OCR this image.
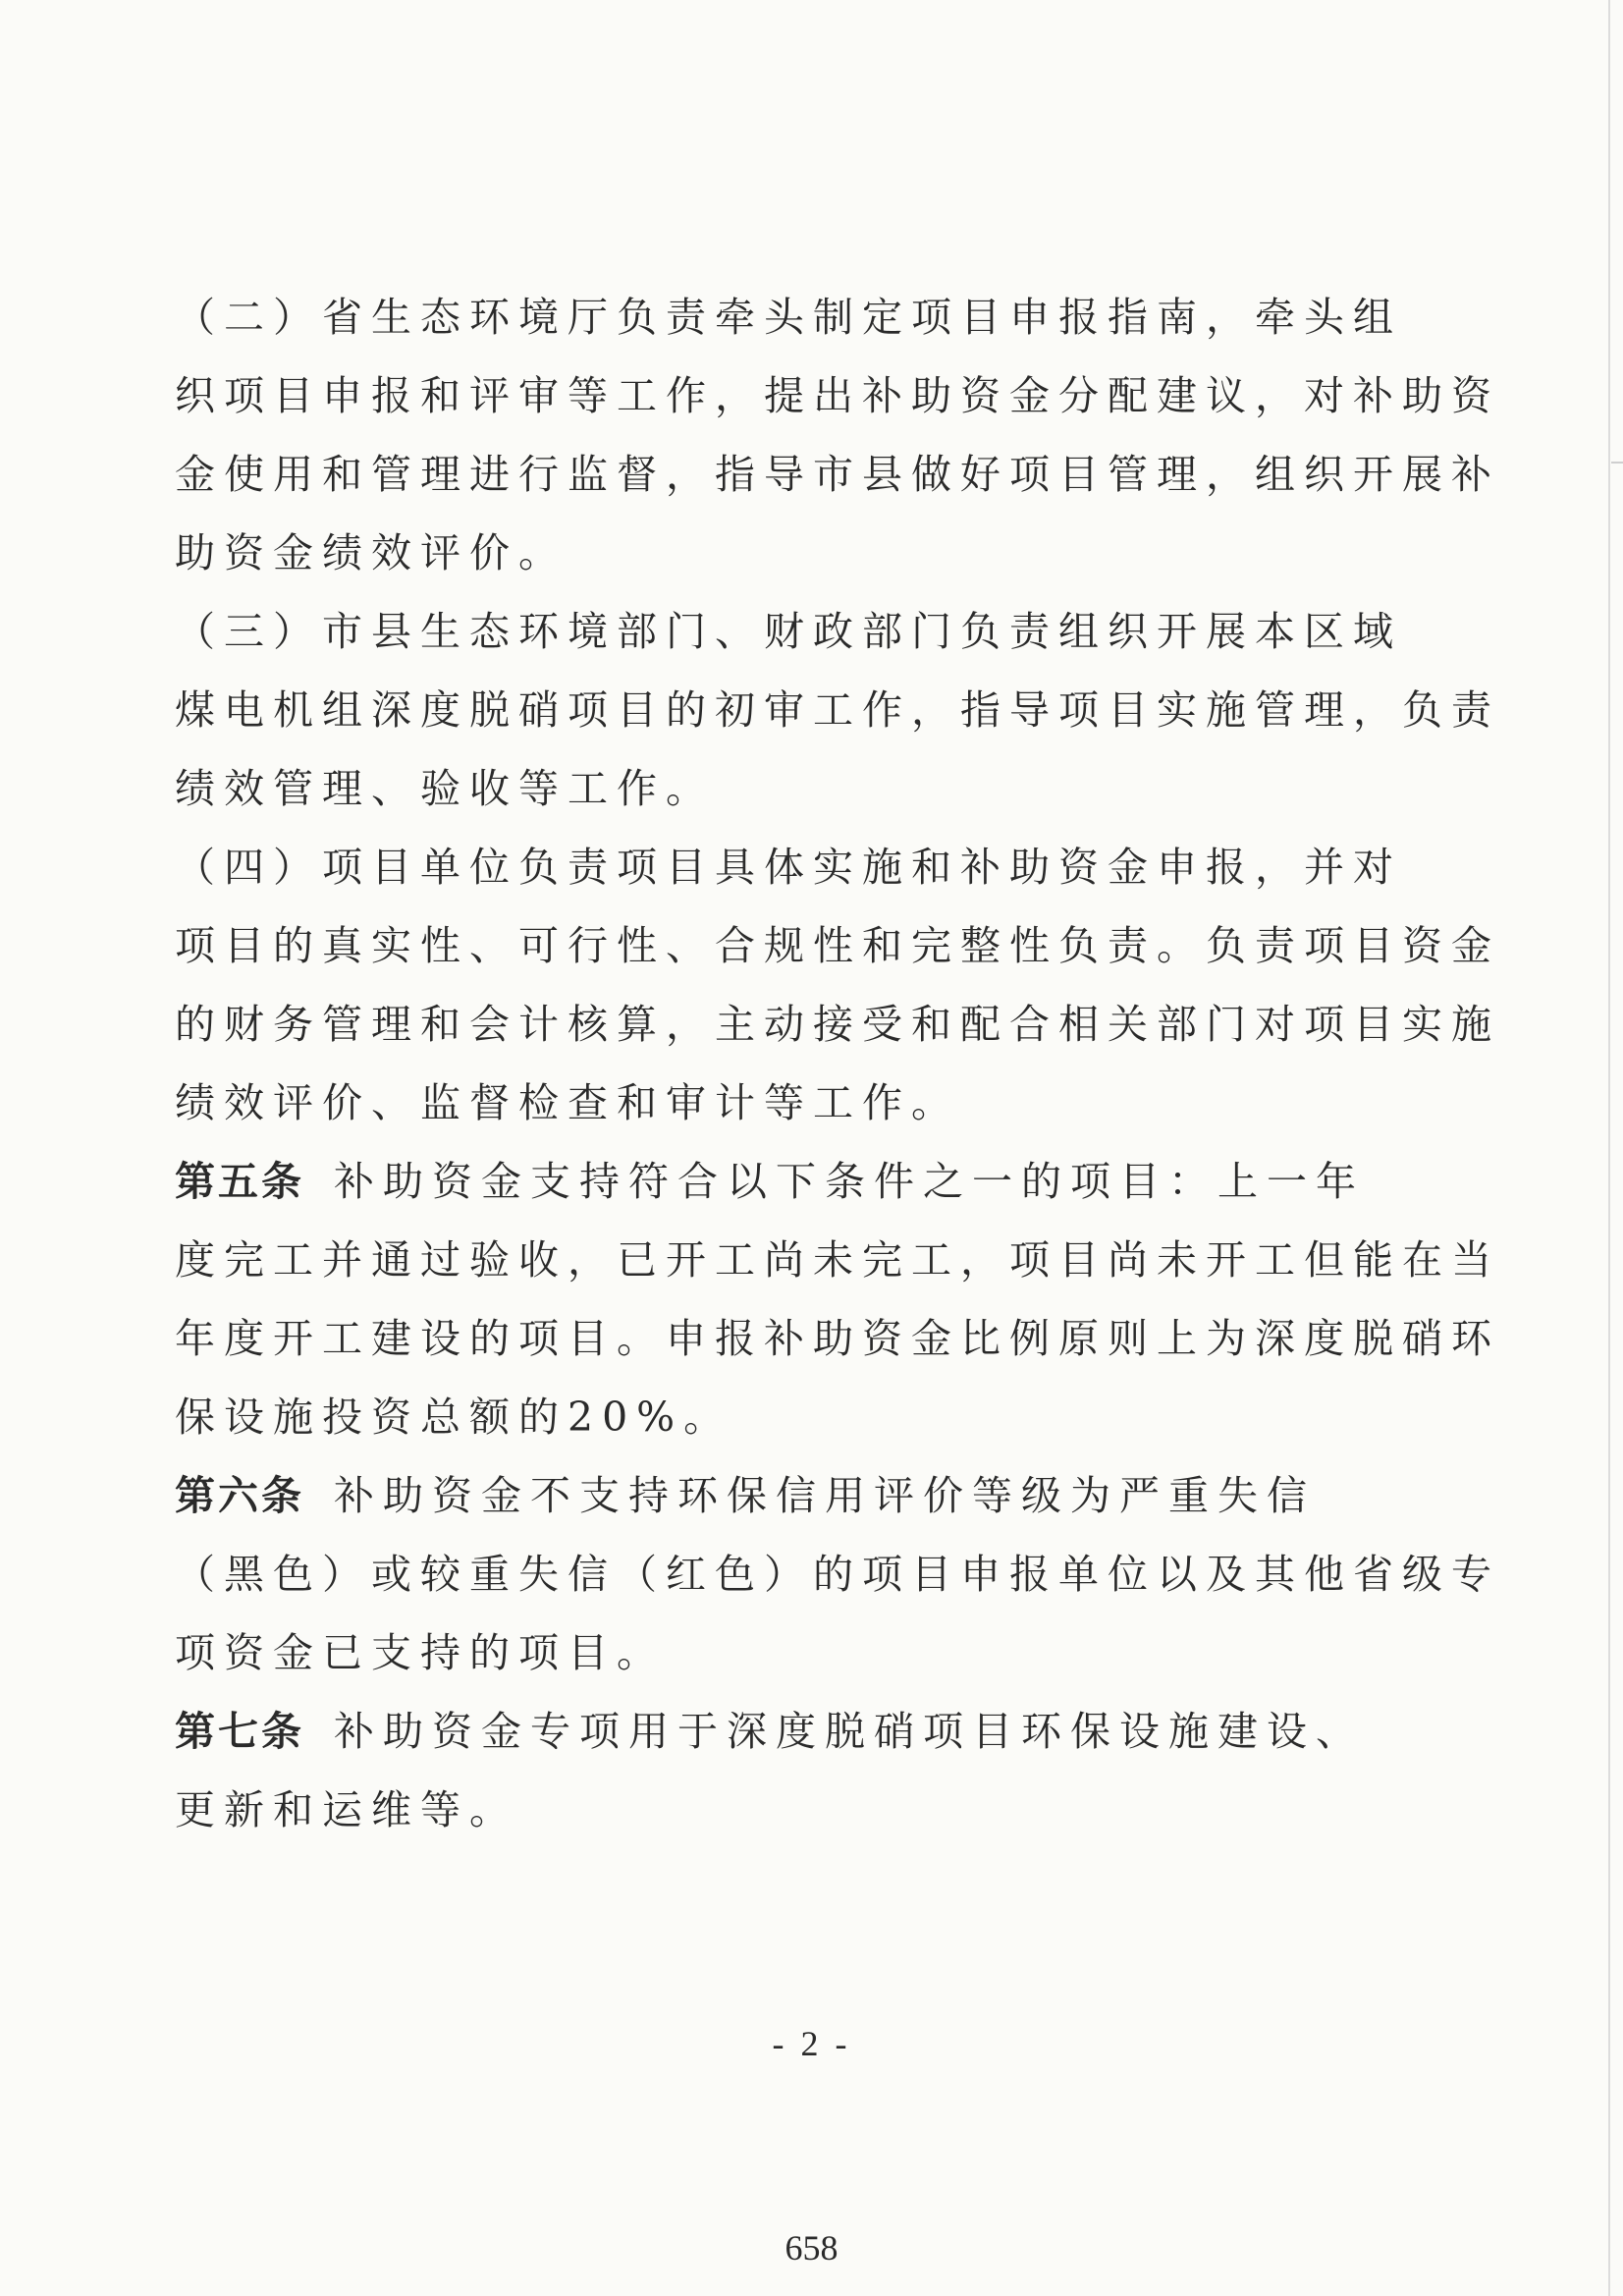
（二）省生态环境厅负责牵头制定项目申报指南，牵头组
织项目申报和评审等工作，提出补助资金分配建议，对补助资
金使用和管理进行监督，指导市县做好项目管理，组织开展补
助资金绩效评价。
（三）市县生态环境部门、财政部门负责组织开展本区域
煤电机组深度脱硝项目的初审工作，指导项目实施管理，负责
绩效管理、验收等工作。
（四）项目单位负责项目具体实施和补助资金申报，并对
项目的真实性、可行性、合规性和完整性负责。负责项目资金
的财务管理和会计核算，主动接受和配合相关部门对项目实施
绩效评价、监督检查和审计等工作。
第五条 补助资金支持符合以下条件之一的项目：上一年
度完工并通过验收，已开工尚未完工，项目尚未开工但能在当
年度开工建设的项目。申报补助资金比例原则上为深度脱硝环
保设施投资总额的20%。
第六条 补助资金不支持环保信用评价等级为严重失信
（黑色）或较重失信（红色）的项目申报单位以及其他省级专
项资金已支持的项目。
第七条 补助资金专项用于深度脱硝项目环保设施建设、
更新和运维等。
- 2 -
658
